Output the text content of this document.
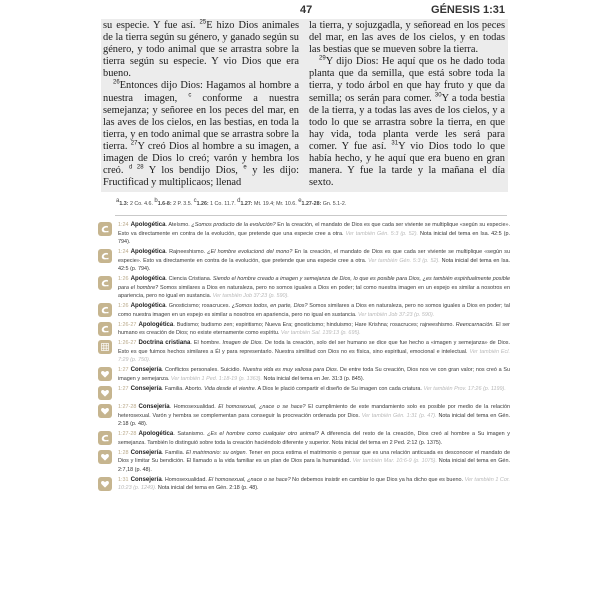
47	GÉNESIS 1:31

su especie. Y fue así. $^{25}$E hizo Dios animales de la tierra según su género, y ganado según su género, y todo animal que se arrastra sobre la tierra según su especie. Y vio Dios que era bueno.

$^{26}$Entonces dijo Dios: Hagamos al hombre a nuestra imagen, $^c$ conforme a nuestra semejanza; y señoree en los peces del mar, en las aves de los cielos, en las bestias, en toda la tierra, y en todo animal que se arrastra sobre la tierra. $^{27}$Y creó Dios al hombre a su imagen, a imagen de Dios lo creó; varón y hembra los creó. $^{d 28}$ Y los bendijo Dios, $^e$ y les dijo: Fructificad y multiplicaos; llenad

la tierra, y sojuzgadla, y señoread en los peces del mar, en las aves de los cielos, y en todas las bestias que se mueven sobre la tierra.

$^{29}$Y dijo Dios: He aquí que os he dado toda planta que da semilla, que está sobre toda la tierra, y todo árbol en que hay fruto y que da semilla; os serán para comer. $^{30}$Y a toda bestia de la tierra, y a todas las aves de los cielos, y a todo lo que se arrastra sobre la tierra, en que hay vida, toda planta verde les será para comer. Y fue así. $^{31}$Y vio Dios todo lo que había hecho, y he aquí que era bueno en gran manera. Y fue la tarde y la mañana el día sexto.

$^a$1.3: 2 Co. 4.6. $^b$1.6-8: 2 P. 3.5. $^c$1.26: 1 Co. 11.7. $^d$1.27: Mt. 19.4; Mr. 10.6. $^e$1.27-28: Gn. 5.1-2.
1:24 Apologética. Ateísmo. ¿Somos producto de la evolución? En la creación, el mandato de Dios es que cada ser viviente se multiplique «según su especie». Esto va directamente en contra de la evolución, que pretende que una especie cree a otra. Ver también Gén. 5:3 (p. 52). Nota inicial del tema en Isa. 42:5 (p. 794).
1:24 Apologética. Rajneeshismo. ¿El hombre evolucionó del mono? En la creación, el mandato de Dios es que cada ser viviente se multiplique «según su especie». Esto va directamente en contra de la evolución, que pretende que una especie cree a otra. Ver también Gén. 5:3 (p. 52). Nota inicial del tema en Isa. 42:5 (p. 794).
1:26 Apologética. Ciencia Cristiana. Siendo el hombre creado a imagen y semejanza de Dios, lo que es posible para Dios, ¿es también espiritualmente posible para el hombre? Somos similares a Dios en naturaleza, pero no somos iguales a Dios en poder; tal como nuestra imagen en un espejo es similar a nosotros en apariencia, pero no igual en sustancia. Ver también Job 37:23 (p. 590).
1:26 Apologética. Gnosticismo; rosacruces. ¿Somos todos, en parte, Dios? Somos similares a Dios en naturaleza, pero no somos iguales a Dios en poder; tal como nuestra imagen en un espejo es similar a nosotros en apariencia, pero no igual en sustancia. Ver también Job 37:23 (p. 590).
1:26-27 Apologética. Budismo; budismo zen; espiritismo; Nueva Era; gnosticismo; hinduismo; Hare Krishna; rosacruces; rajneeshismo. Reencarnación. El ser humano es creación de Dios; no existe eternamente como espíritu. Ver también Sal. 139:13 (p. 695).
1:26-27 Doctrina cristiana. El hombre. Imagen de Dios. De toda la creación, solo del ser humano se dice que fue hecho a «imagen y semejanza» de Dios. Esto es que fuimos hechos similares a Él y para representarlo. Nuestra similitud con Dios no es física, sino espiritual, emocional e intelectual. Ver también Ecl. 7:29 (p. 750).
1:27 Consejería. Conflictos personales. Suicidio. Nuestra vida es muy valiosa para Dios. De entre toda Su creación, Dios nos ve con gran valor; nos creó a Su imagen y semejanza. Ver también 1 Ped. 1:18-19 (p. 1363). Nota inicial del tema en Jer. 31:3 (p. 845).
1:27 Consejería. Familia. Aborto. Vida desde el vientre. A Dios le plació compartir el diseño de Su imagen con cada criatura. Ver también Prov. 17:26 (p. 1199).
1:27-28 Consejería. Homosexualidad. El homosexual, ¿nace o se hace? El cumplimiento de este mandamiento solo es posible por medio de la relación heterosexual. Varón y hembra se complementan para conseguir la procreación ordenada por Dios. Ver también Gén. 1:31 (p. 47). Nota inicial del tema en Gén. 2:18 (p. 48).
1:27-28 Apologética. Satanismo. ¿Es el hombre como cualquier otro animal? A diferencia del resto de la creación, Dios creó al hombre a Su imagen y semejanza. También lo distinguió sobre toda la creación haciéndolo diferente y superior. Nota inicial del tema en 2 Ped. 2:12 (p. 1375).
1:28 Consejería. Familia. El matrimonio: su origen. Tener en poca estima el matrimonio o pensar que es una relación anticuada es desconocer el mandato de Dios y limitar Su bendición. El llamado a la vida familiar es un plan de Dios para la humanidad. Ver también Mar. 10:6-9 (p. 1075). Nota inicial del tema en Gén. 2:7,18 (p. 48).
1:31 Consejería. Homosexualidad. El homosexual, ¿nace o se hace? No debemos insistir en cambiar lo que Dios ya ha dicho que es bueno. Ver también 1 Cor. 10:23 (p. 1249). Nota inicial del tema en Gén. 2:18 (p. 48).
